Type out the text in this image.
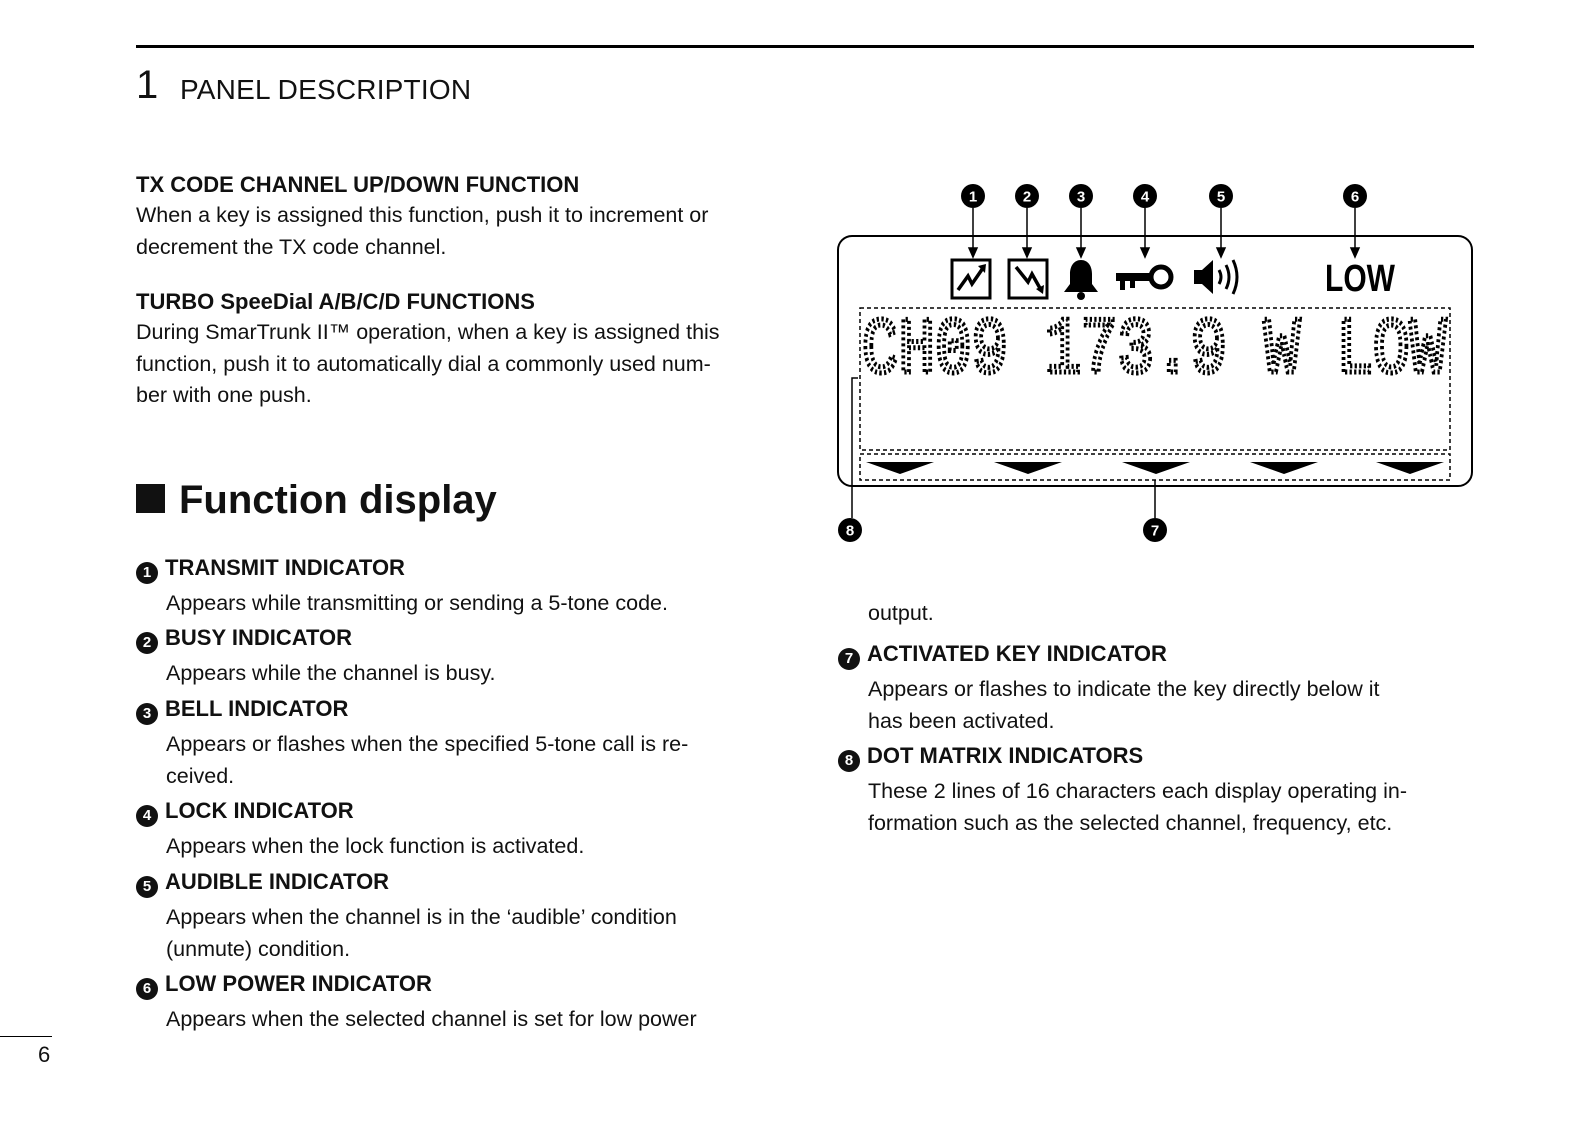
1 PANEL DESCRIPTION
TX CODE CHANNEL UP/DOWN FUNCTION
When a key is assigned this function, push it to increment or
decrement the TX code channel.
TURBO SpeeDial A/B/C/D FUNCTIONS
During SmarTrunk II™ operation, when a key is assigned this
function, push it to automatically dial a commonly used num-
ber with one push.
Function display
1 TRANSMIT INDICATOR
Appears while transmitting or sending a 5-tone code.
2 BUSY INDICATOR
Appears while the channel is busy.
3 BELL INDICATOR
Appears or flashes when the specified 5-tone call is re-
ceived.
4 LOCK INDICATOR
Appears when the lock function is activated.
5 AUDIBLE INDICATOR
Appears when the channel is in the ‘audible’ condition
(unmute) condition.
6 LOW POWER INDICATOR
Appears when the selected channel is set for low power
output.
7 ACTIVATED KEY INDICATOR
Appears or flashes to indicate the key directly below it
has been activated.
8 DOT MATRIX INDICATORS
These 2 lines of 16 characters each display operating in-
formation such as the selected channel, frequency, etc.
1	2	3	4	5	6
7
8
LOW
CH09 173.9 W LOW
6
